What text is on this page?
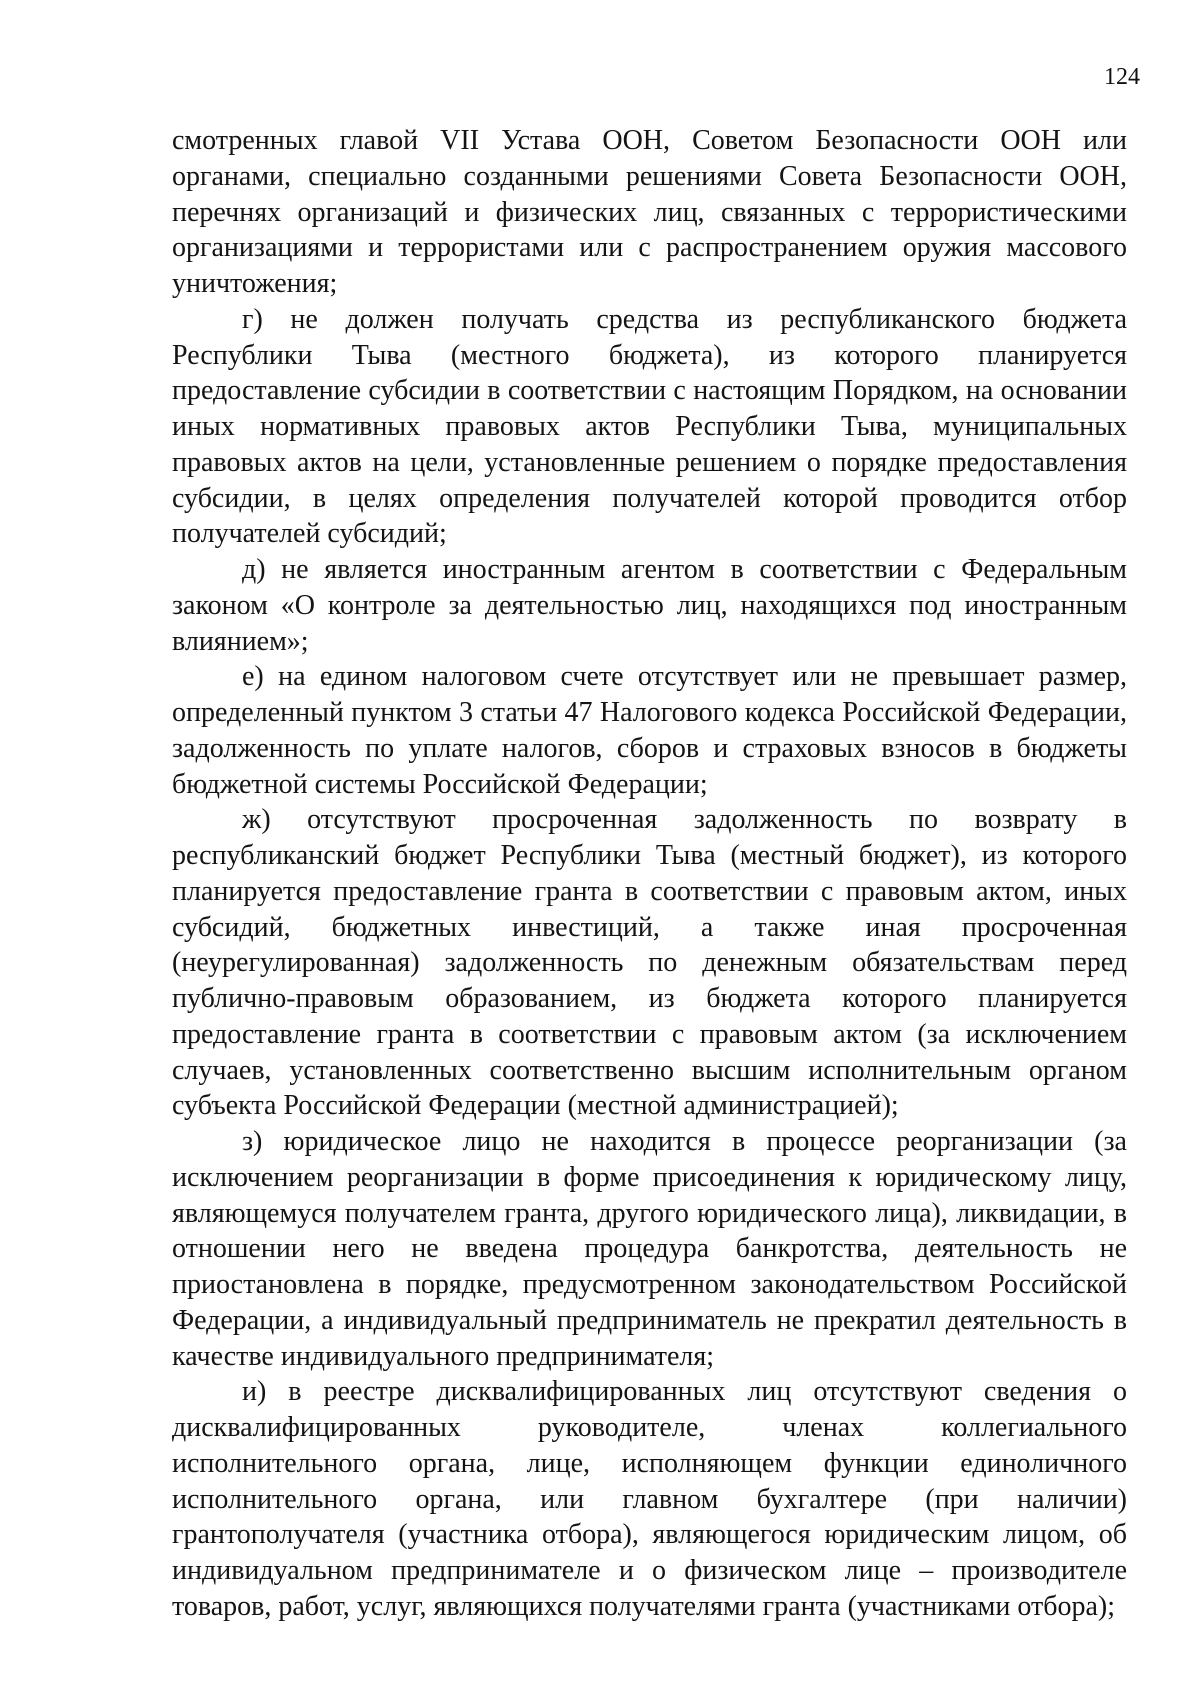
124

смотренных главой VII Устава ООН, Советом Безопасности ООН или органами, специально созданными решениями Совета Безопасности ООН, перечнях организаций и физических лиц, связанных с террористическими организациями и террористами или с распространением оружия массового уничтожения;

г) не должен получать средства из республиканского бюджета Республики Тыва (местного бюджета), из которого планируется предоставление субсидии в соответствии с настоящим Порядком, на основании иных нормативных правовых актов Республики Тыва, муниципальных правовых актов на цели, установленные решением о порядке предоставления субсидии, в целях определения получателей которой проводится отбор получателей субсидий;

д) не является иностранным агентом в соответствии с Федеральным законом «О контроле за деятельностью лиц, находящихся под иностранным влиянием»;

е) на едином налоговом счете отсутствует или не превышает размер, определенный пунктом 3 статьи 47 Налогового кодекса Российской Федерации, задолженность по уплате налогов, сборов и страховых взносов в бюджеты бюджетной системы Российской Федерации;

ж) отсутствуют просроченная задолженность по возврату в республиканский бюджет Республики Тыва (местный бюджет), из которого планируется предоставление гранта в соответствии с правовым актом, иных субсидий, бюджетных инвестиций, а также иная просроченная (неурегулированная) задолженность по денежным обязательствам перед публично-правовым образованием, из бюджета которого планируется предоставление гранта в соответствии с правовым актом (за исключением случаев, установленных соответственно высшим исполнительным органом субъекта Российской Федерации (местной администрацией);

з) юридическое лицо не находится в процессе реорганизации (за исключением реорганизации в форме присоединения к юридическому лицу, являющемуся получателем гранта, другого юридического лица), ликвидации, в отношении него не введена процедура банкротства, деятельность не приостановлена в порядке, предусмотренном законодательством Российской Федерации, а индивидуальный предприниматель не прекратил деятельность в качестве индивидуального предпринимателя;

и) в реестре дисквалифицированных лиц отсутствуют сведения о дисквалифицированных руководителе, членах коллегиального исполнительного органа, лице, исполняющем функции единоличного исполнительного органа, или главном бухгалтере (при наличии) грантополучателя (участника отбора), являющегося юридическим лицом, об индивидуальном предпринимателе и о физическом лице – производителе товаров, работ, услуг, являющихся получателями гранта (участниками отбора);
